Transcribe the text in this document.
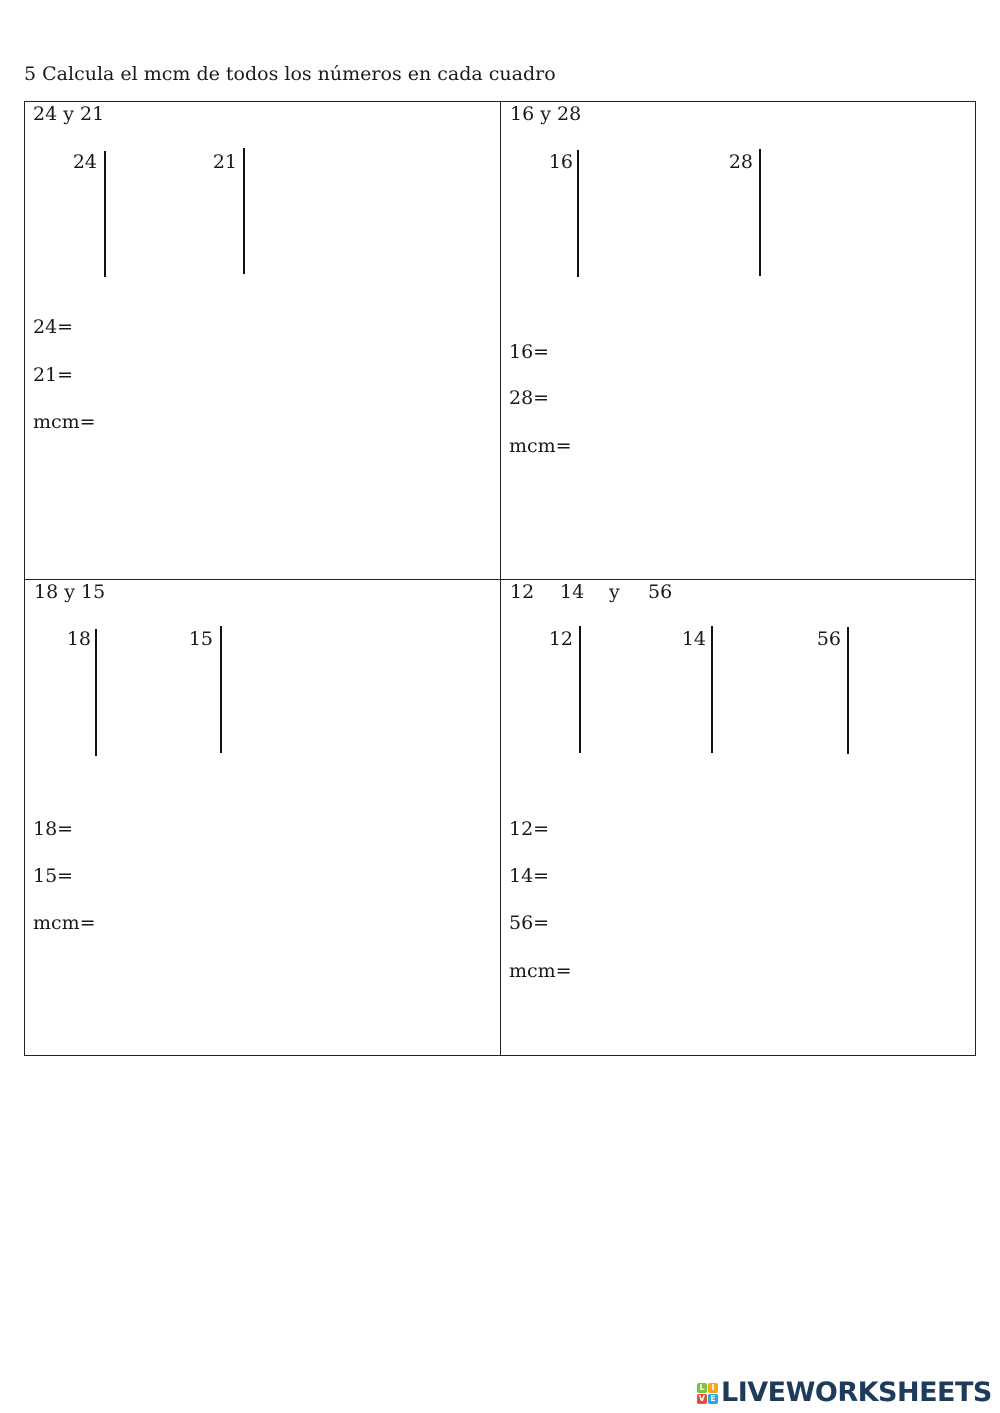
5 Calcula el mcm de todos los números en cada cuadro
24 y 21
24	21
24=
21=
mcm=
16 y 28
16	28
16=
28=
mcm=
18 y 15
18	15
18=
15=
mcm=
12 14 y 56
12	14	56
12=
14=
56=
mcm=
L I
V E LIVEWORKSHEETS
